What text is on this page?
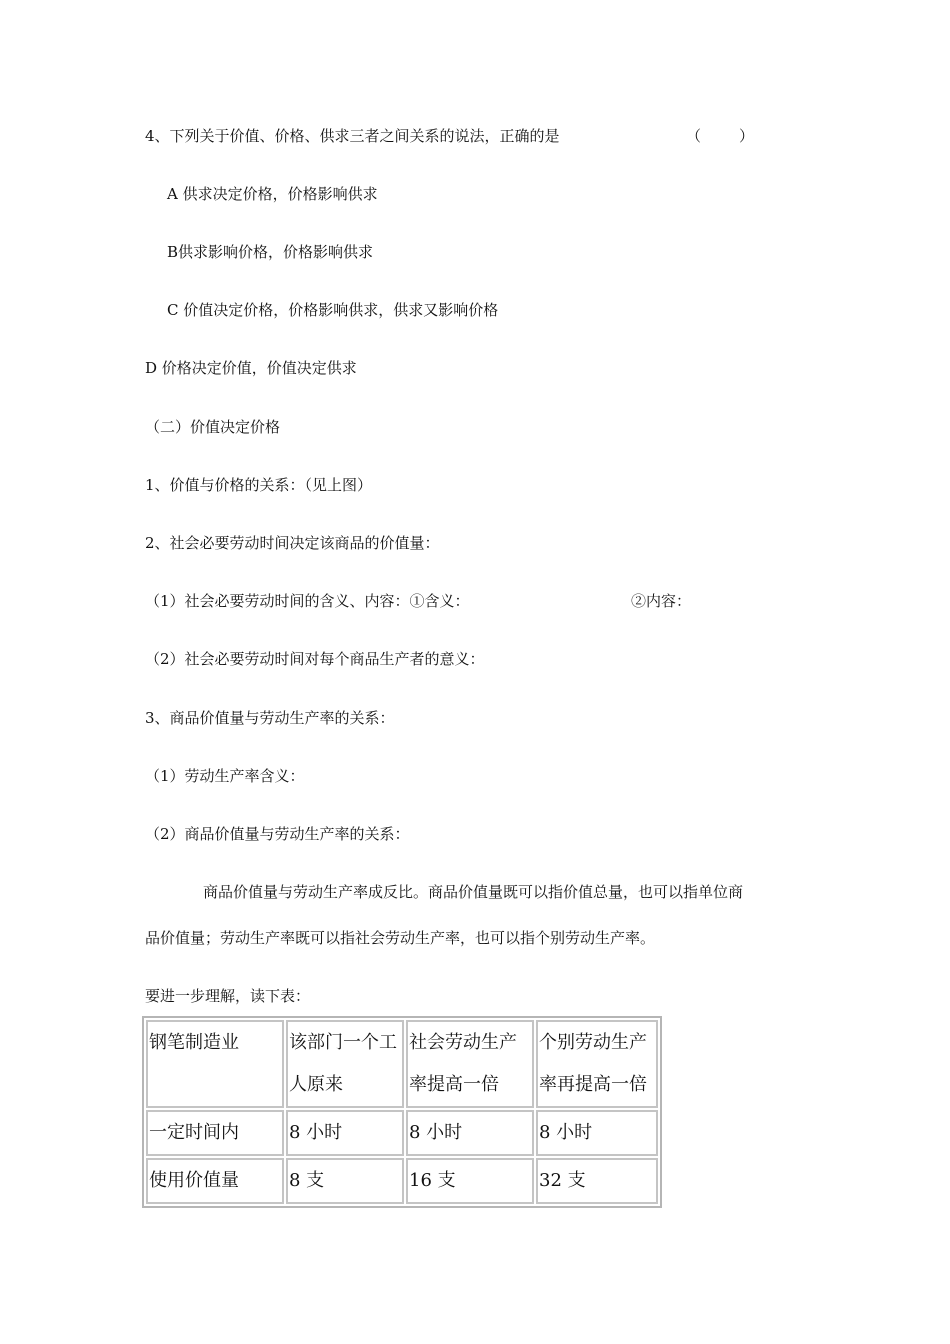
4、下列关于价值、价格、供求三者之间关系的说法，正确的是	（	）
A 供求决定价格，价格影响供求
B供求影响价格，价格影响供求
C 价值决定价格，价格影响供求，供求又影响价格
D 价格决定价值，价值决定供求
（二）价值决定价格
1、价值与价格的关系：（见上图）
2、社会必要劳动时间决定该商品的价值量：
（1）社会必要劳动时间的含义、内容：①含义：	②内容：
（2）社会必要劳动时间对每个商品生产者的意义：
3、商品价值量与劳动生产率的关系：
（1）劳动生产率含义：
（2）商品价值量与劳动生产率的关系：
商品价值量与劳动生产率成反比。商品价值量既可以指价值总量，也可以指单位商
品价值量；劳动生产率既可以指社会劳动生产率，也可以指个别劳动生产率。
要进一步理解，读下表：
钢笔制造业	该部门一个工人原来	社会劳动生产率提高一倍	个别劳动生产率再提高一倍
一定时间内	8 小时	8 小时	8 小时
使用价值量	8 支	16 支	32 支
